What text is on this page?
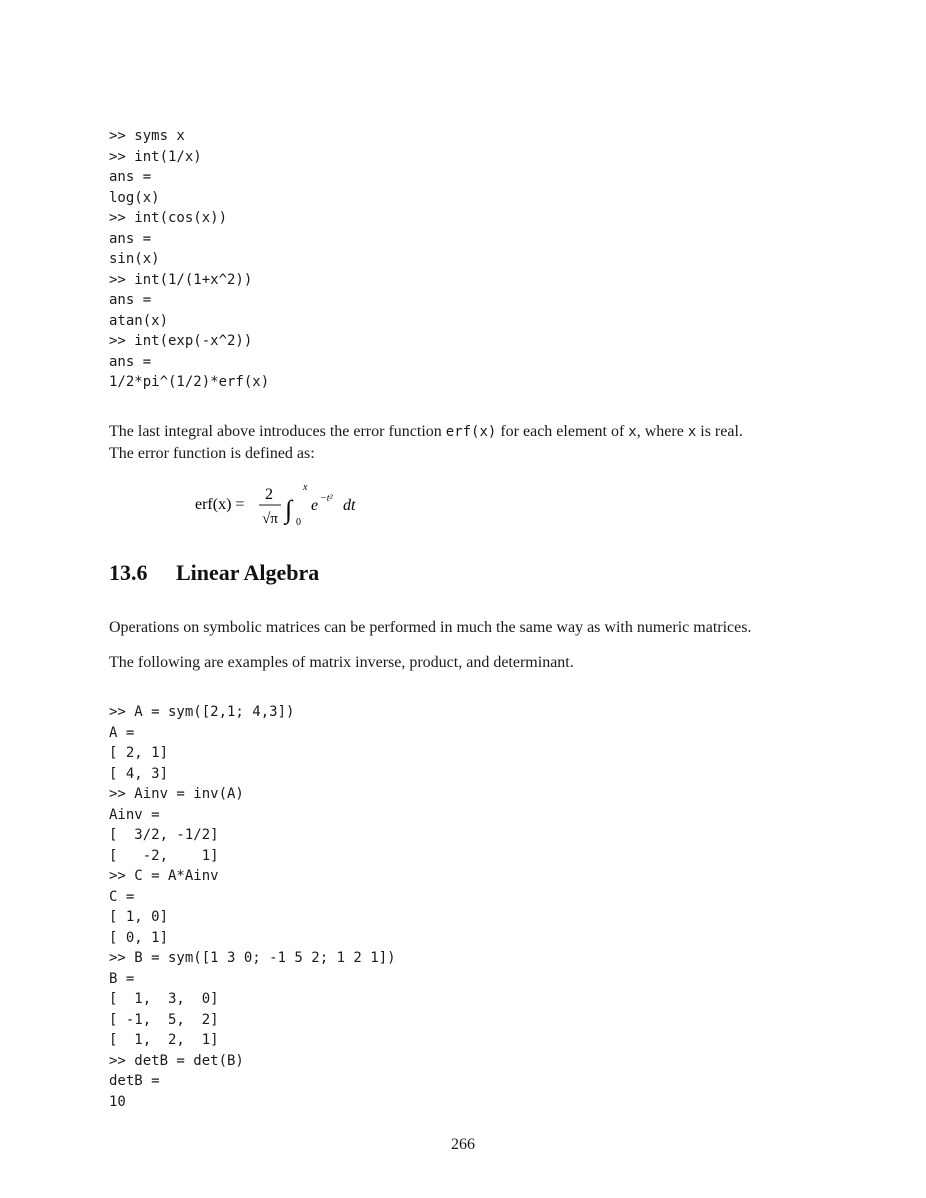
>> syms x
>> int(1/x)
ans =
log(x)
>> int(cos(x))
ans =
sin(x)
>> int(1/(1+x^2))
ans =
atan(x)
>> int(exp(-x^2))
ans =
1/2*pi^(1/2)*erf(x)
The last integral above introduces the error function erf(x) for each element of x, where x is real.
The error function is defined as:
erf(x) =
2
√π ∫
x
0
e −t² dt
13.6 Linear Algebra
Operations on symbolic matrices can be performed in much the same way as with numeric matrices.
The following are examples of matrix inverse, product, and determinant.
>> A = sym([2,1; 4,3])
A =
[ 2, 1]
[ 4, 3]
>> Ainv = inv(A)
Ainv =
[  3/2, -1/2]
[   -2,    1]
>> C = A*Ainv
C =
[ 1, 0]
[ 0, 1]
>> B = sym([1 3 0; -1 5 2; 1 2 1])
B =
[  1,  3,  0]
[ -1,  5,  2]
[  1,  2,  1]
>> detB = det(B)
detB =
10
266
